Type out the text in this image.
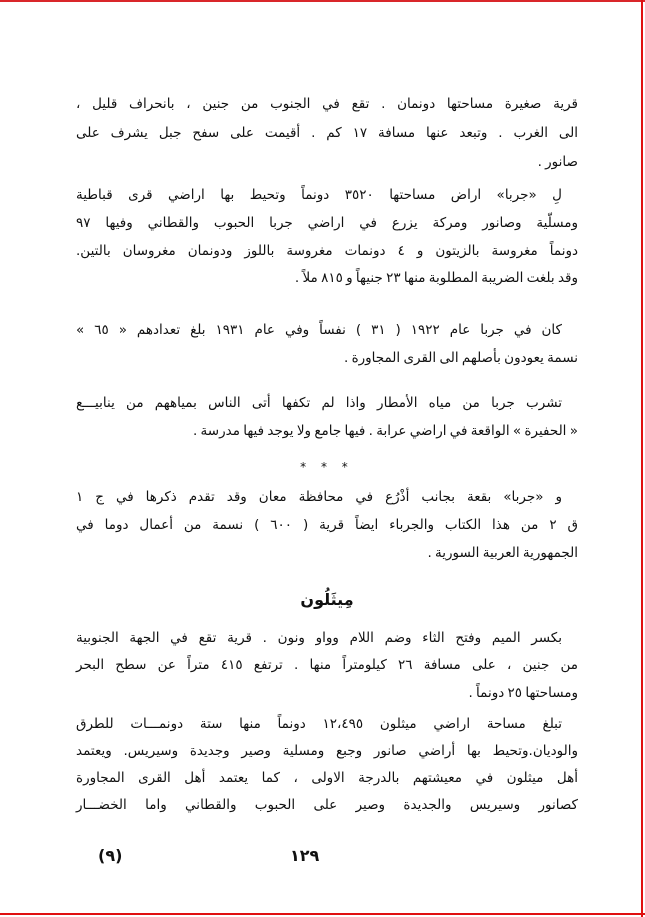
قرية صغيرة مساحتها دونمان . تقع في الجنوب من جنين ، بانحراف قليل ،
الى الغرب . وتبعد عنها مسافة ١٧ كم . أقيمت على سفح جبل يشرف على
صانور .
لِ «جربا» اراض مساحتها ٣٥٢٠ دونماً وتحيط بها اراضي قرى قباطية
ومسلّية وصانور ومركة يزرع في اراضي جربا الحبوب والقطاني وفيها ٩٧
دونماً مغروسة بالزيتون و ٤ دونمات مغروسة باللوز ودونمان مغروسان بالتين.
وقد بلغت الضريبة المطلوبة منها ٢٣ جنيهاً و ٨١٥ ملاً .
كان في جربا عام ١٩٢٢ ( ٣١ ) نفساً وفي عام ١٩٣١ بلغ تعدادهم « ٦٥ »
نسمة يعودون بأصلهم الى القرى المجاورة .
تشرب جربا من مياه الأمطار واذا لم تكفها أتى الناس بمياههم من ينابيـــع
« الحفيرة » الواقعة في اراضي عرابة . فيها جامع ولا يوجد فيها مدرسة .
* * *
و «جربا» بقعة بجانب أذْرُع في محافظة معان وقد تقدم ذكرها في ج ١
ق ٢ من هذا الكتاب والجرباء ايضاً قرية ( ٦٠٠ ) نسمة من أعمال دوما في
الجمهورية العربية السورية .
مِيثَلُون
بكسر الميم وفتح الثاء وضم اللام وواو ونون . قرية تقع في الجهة الجنوبية
من جنين ، على مسافة ٢٦ كيلومتراً منها . ترتفع ٤١٥ متراً عن سطح البحر
ومساحتها ٢٥ دونماً .
تبلغ مساحة اراضي ميثلون ١٢،٤٩٥ دونماً منها ستة دونمـــات للطرق
والوديان.وتحيط بها أراضي صانور وجبع ومسلية وصير وجديدة وسيريس. ويعتمد
أهل ميثلون في معيشتهم بالدرجة الاولى ، كما يعتمد أهل القرى المجاورة
كصانور وسيريس والجديدة وصير على الحبوب والقطاني واما الخضـــار
١٢٩
(٩)
